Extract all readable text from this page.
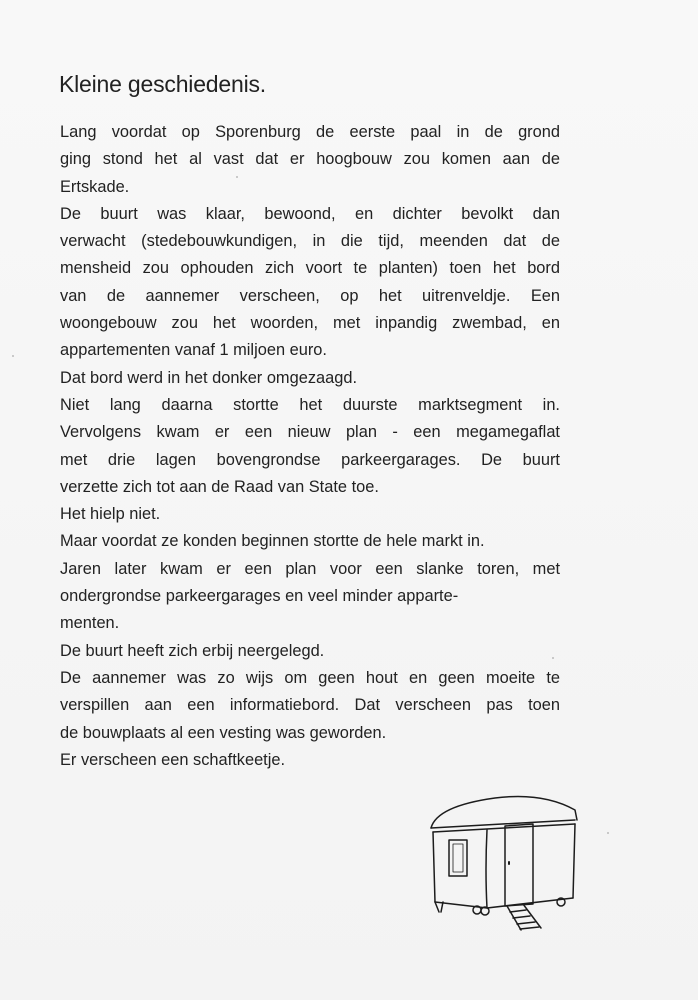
Kleine geschiedenis.
Lang voordat op Sporenburg de eerste paal in de grond
ging stond het al vast dat er hoogbouw zou komen aan de
Ertskade.
De buurt was klaar, bewoond, en dichter bevolkt dan
verwacht (stedebouwkundigen, in die tijd, meenden dat de
mensheid zou ophouden zich voort te planten) toen het bord
van de aannemer verscheen, op het uitrenveldje. Een
woongebouw zou het woorden, met inpandig zwembad, en
appartementen vanaf 1 miljoen euro.
Dat bord werd in het donker omgezaagd.
Niet lang daarna stortte het duurste marktsegment in.
Vervolgens kwam er een nieuw plan - een megamegaflat
met drie lagen bovengrondse parkeergarages. De buurt
verzette zich tot aan de Raad van State toe.
Het hielp niet.
Maar voordat ze konden beginnen stortte de hele markt in.
Jaren later kwam er een plan voor een slanke toren, met
ondergrondse parkeergarages en veel minder apparte-
menten.
De buurt heeft zich erbij neergelegd.
De aannemer was zo wijs om geen hout en geen moeite te
verspillen aan een informatiebord. Dat verscheen pas toen
de bouwplaats al een vesting was geworden.
Er verscheen een schaftkeetje.
